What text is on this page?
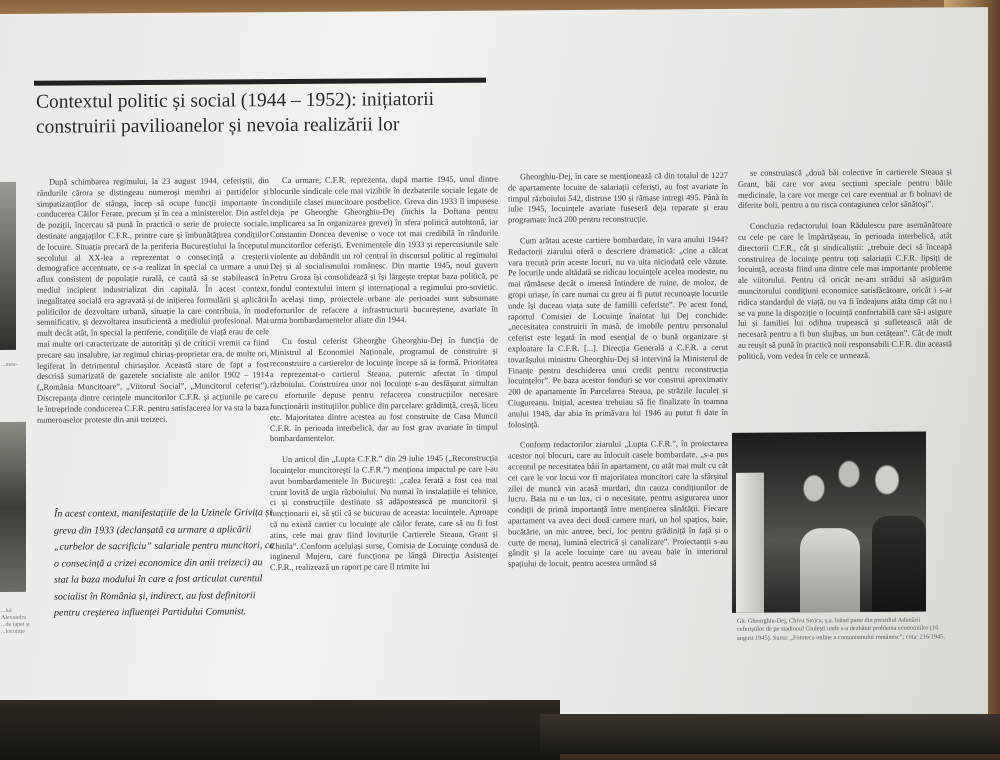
Contextul politic și social (1944 – 1952): inițiatorii construirii pavilioanelor și nevoia realizării lor
...mea-
...lui Alexandru ...de tapet și ...locuințe

După schimbarea regimului, la 23 august 1944, ceferiștii, din rândurile cărora se distingeau numeroși membri ai partidelor și simpatizanților de stânga, încep să ocupe funcții importante în conducerea Căilor Ferate, precum și în cea a ministerelor. Din astfel de poziții, încercau să pună în practică o serie de proiecte sociale, destinate angajaților C.F.R., printre care și îmbunătățirea condițiilor de locuire. Situația precară de la periferia Bucureștiului la începutul secolului al XX-lea a reprezentat o consecință a creșterii demografice accentuate, ce s-a realizat în special ca urmare a unui aflux consistent de populație rurală, ce caută să se stabilească în mediul incipient industrializat din capitală. În acest context, inegalitatea socială era agravată și de inițierea formulării și aplicării politicilor de dezvoltare urbană, situație la care contribuia, în mod semnificativ, și dezvoltarea insuficientă a mediului profesional. Mai mult decât atât, în special la periferie, condițiile de viață erau de cele mai multe ori caracterizate de autorități și de criticii vremii ca fiind precare sau insalubre, iar regimul chiriaș-proprietar era, de multe ori, legiferat în detrimentul chiriașilor. Această stare de fapt a fost descrisă sumarizată de gazetele socialiste ale anilor 1902 – 1914 („România Muncitoare”, „Viitorul Social”, „Muncitorul ceferist”). Discrepanța dintre cerințele muncitorilor C.F.R. și acțiunile pe care le întreprinde conducerea C.F.R. pentru satisfacerea lor va sta la baza numeroaselor proteste din anii treizeci.

În acest context, manifestațiile de la Uzinele Grivița și greva din 1933 (declanșată ca urmare a aplicării „curbelor de sacrificiu” salariale pentru muncitori, ca o consecință a crizei economice din anii treizeci) au stat la baza modului în care a fost articulat curentul socialist în România și, indirect, au fost definitorii pentru creșterea influenței Partidului Comunist.

Ca urmare, C.F.R. reprezenta, după martie 1945, unul dintre blocurile sindicale cele mai vizibile în dezbaterile sociale legate de condițiile clasei muncitoare postbelice. Greva din 1933 îl impusese deja pe Gheorghe Gheorghiu-Dej (închis la Doftana pentru implicarea sa în organizarea grevei) în sfera politică autohtonă, iar Constantin Doncea devenise o voce tot mai credibilă în rândurile muncitorilor ceferiști. Evenimentele din 1933 și repercusiunile sale violente au dobândit un rol central în discursul politic al regimului Dej și al socialismului românesc. Din martie 1945, noul guvern Petru Groza își consolidează și își lărgește treptat baza politică, pe fondul contextului intern și internațional a regimului pro-sovietic. În același timp, proiectele urbane ale perioadei sunt subsumate eforturilor de refacere a infrastructurii bucureștene, avariate în urma bombardamentelor aliate din 1944.

Cu fostul ceferist Gheorghe Gheorghiu-Dej în funcția de Ministrul al Economiei Naționale, programul de construire și reconstruire a cartierelor de locuințe începe să ia formă. Prioritatea a reprezentat-o cartierul Steaua, puternic afectat în timpul războiului. Construirea unor noi locuințe s-au desfășurat simultan cu eforturile depuse pentru refacerea construcțiilor necesare funcționării instituțiilor publice din parcelare: grădiniță, creșă, liceu etc. Majoritatea dintre acestea au fost construite de Casa Muncii C.F.R. în perioada interbelică, dar au fost grav avariate în timpul bombardamentelor.

Un articol din „Lupta C.F.R.” din 29 iulie 1945 („Reconstrucția locuințelor muncitorești la C.F.R.”) menționa impactul pe care l-au avut bombardamentele în București: „calea ferată a fost cea mai crunt lovită de urgia războiului. Nu numai în instalațiile ei tehnice, ci și construcțiile destinate să adăpostească pe muncitorii și funcționarii ei, să știi că se bucurau de aceasta: locuințele. Aproape că nu există cartier cu locuințe ale căilor ferate, care să nu fi fost atins, cele mai grav fiind loviturile Cartierele Steaua, Grant și Chitila”. Conform aceluiași surse, Comisia de Locuințe condusă de inginerul Mujeru, care funcționa pe lângă Direcția Asistenței C.F.R., realizează un raport pe care îl trimite lui

Gheorghiu-Dej, în care se menționează că din totalul de 1227 de apartamente locuite de salariații ceferiști, au fost avariate în timpul războiului 542, distruse 190 și rămase intregi 495. Până în iulie 1945, locuințele avariate fuseseră deja reparate și erau programate încă 200 pentru reconstrucție.

Cum arătau aceste cartiere bombardate, în vara anului 1944? Redactorii ziarului oferă o descriere dramatică: „cine a călcat vara trecută prin aceste locuri, nu va uita niciodată cele văzute. Pe locurile unde altădată se ridicau locuințele acelea modeste, nu mai rămăsese decât o imensă întindere de ruine, de moloz, de gropi uriașe, în care numai cu greu ai fi putut recunoaște locurile unde își duceau viața sute de familii ceferiste”. Pe acest fond, raportul Comisiei de Locuințe înaintat lui Dej conchide: „necesitatea construirii în masă, de imobile pentru personalul ceferist este legată în mod esențial de o bună organizare și exploatare la C.F.R. [...]. Direcția Generală a C.F.R. a cerut tovarășului ministru Gheorghiu-Dej să intervină la Ministerul de Finanțe pentru deschiderea unui credit pentru reconstrucția locuințelor”. Pe baza acestor fonduri se vor construi aproximativ 200 de apartamente în Parcelarea Steaua, pe străzile Iuculeț și Ciugureanu. Inițial, acestea trebuiau să fie finalizate în toamna anului 1945, dar abia în primăvara lui 1946 au putut fi date în folosință.

Conform redactorilor ziarului „Lupta C.F.R.”, în proiectarea acestor noi blocuri, care au înlocuit casele bombardate, „s-a pus accentul pe necesitatea băii în apartament, cu atât mai mult cu cât cei care le vor locui vor fi majoritatea muncitori care la sfârșitul zilei de muncă vin acasă murdari, din cauza condițiunilor de lucru. Baia nu e un lux, ci o necesitate, pentru asigurarea unor condiții de primă importanță între menținerea sănătății. Fiecare apartament va avea deci două camere mari, un hol spațios, baie, bucătărie, un mic antree, beci, loc pentru grădiniță în față și o curte de menaj, lumină electrică și canalizare”. Proiectanții s-au gândit și la acele locuințe care nu aveau baie în interiorul spațiului de locuit, pentru acestea urmând să

se construiască „două băi colective în cartierele Steaua și Grant, băi care vor avea secțiuni speciale pentru băile medicinale, la care vor merge cei care eventual ar fi bolnavi de diferite boli, pentru a nu risca contagiunea celor sănătoși”.

Concluzia redactorului Ioan Rădulescu pare asemănătoare cu cele pe care le împărtășeau, în perioada interbelică, atât directorii C.F.R., cât și sindicaliștii: „trebuie deci să înceapă construirea de locuințe pentru toți salariații C.F.R. lipsiți de locuință, aceasta fiind una dintre cele mai importante probleme ale viitorului. Pentru că oricât ne-am strădui să asigurăm muncitorului condițiuni economice satisfăcătoare, oricât i s-ar ridica standardul de viață, nu va fi îndeajuns atâta timp cât nu i se va pune la dispoziție o locuință confortabilă care să-i asigure lui și familiei lui odihna trupească și sufletească atât de necesară pentru a fi bun slujbaș, un bun cetățean”. Cât de mult au reușit să pună în practică noii responsabili C.F.R. din această politică, vom vedea în cele ce urmează.

Gh. Gheorghiu-Dej, Chivu Stoica, ș.a. luând parte din prezidiul Adunării ceferiștilor de pe stadionul Giulești unde s-a dezbătut problema economiilor (16 august 1945). Sursa: „Fototeca online a comunismului românesc”; cota: 216/1945.
